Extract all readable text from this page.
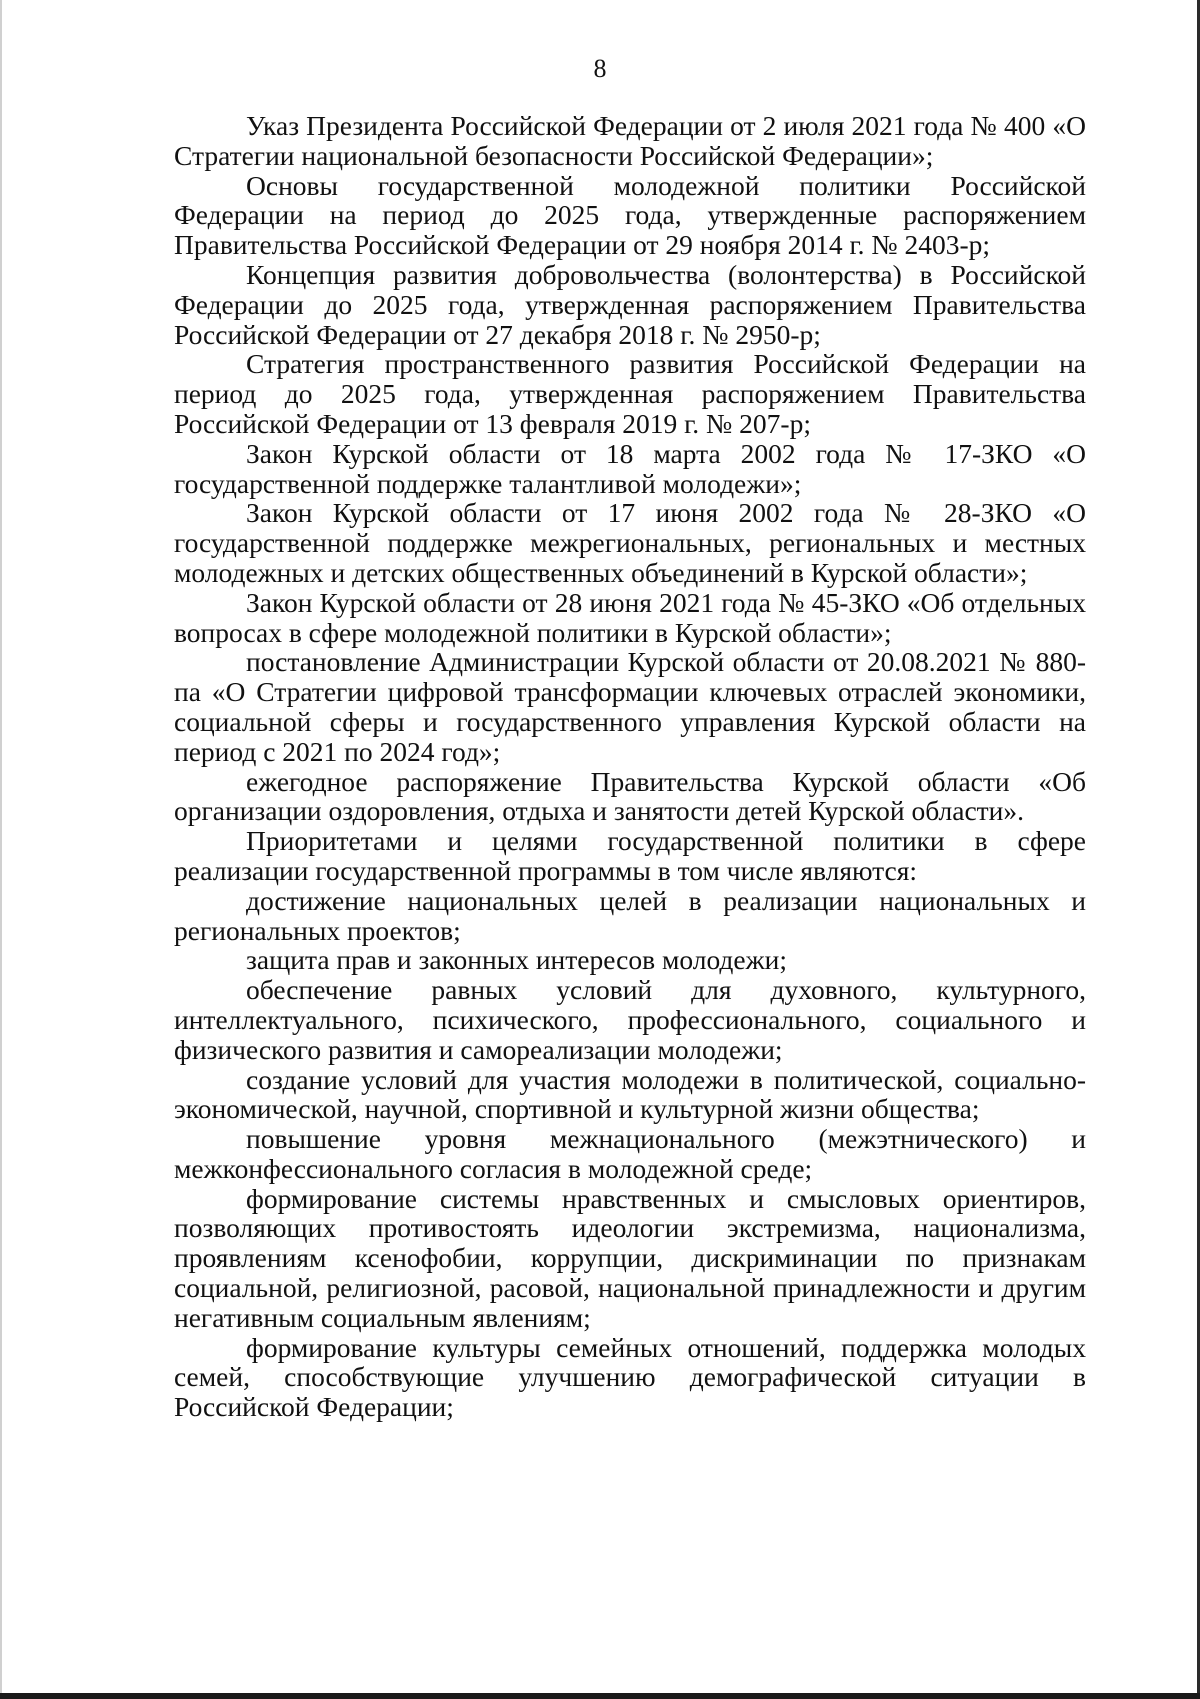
8

Указ Президента Российской Федерации от 2 июля 2021 года № 400 «О Стратегии национальной безопасности Российской Федерации»;

Основы государственной молодежной политики Российской Федерации на период до 2025 года, утвержденные распоряжением Правительства Российской Федерации от 29 ноября 2014 г. № 2403-р;

Концепция развития добровольчества (волонтерства) в Российской Федерации до 2025 года, утвержденная распоряжением Правительства Российской Федерации от 27 декабря 2018 г. № 2950-р;

Стратегия пространственного развития Российской Федерации на период до 2025 года, утвержденная распоряжением Правительства Российской Федерации от 13 февраля 2019 г. № 207-р;

Закон Курской области от 18 марта 2002 года № 17-ЗКО «О государственной поддержке талантливой молодежи»;

Закон Курской области от 17 июня 2002 года № 28-ЗКО «О государственной поддержке межрегиональных, региональных и местных молодежных и детских общественных объединений в Курской области»;

Закон Курской области от 28 июня 2021 года № 45-ЗКО «Об отдельных вопросах в сфере молодежной политики в Курской области»;

постановление Администрации Курской области от 20.08.2021 № 880-па «О Стратегии цифровой трансформации ключевых отраслей экономики, социальной сферы и государственного управления Курской области на период с 2021 по 2024 год»;

ежегодное распоряжение Правительства Курской области «Об организации оздоровления, отдыха и занятости детей Курской области».

Приоритетами и целями государственной политики в сфере реализации государственной программы в том числе являются:

достижение национальных целей в реализации национальных и региональных проектов;

защита прав и законных интересов молодежи;

обеспечение равных условий для духовного, культурного, интеллектуального, психического, профессионального, социального и физического развития и самореализации молодежи;

создание условий для участия молодежи в политической, социально-экономической, научной, спортивной и культурной жизни общества;

повышение уровня межнационального (межэтнического) и межконфессионального согласия в молодежной среде;

формирование системы нравственных и смысловых ориентиров, позволяющих противостоять идеологии экстремизма, национализма, проявлениям ксенофобии, коррупции, дискриминации по признакам социальной, религиозной, расовой, национальной принадлежности и другим негативным социальным явлениям;

формирование культуры семейных отношений, поддержка молодых семей, способствующие улучшению демографической ситуации в Российской Федерации;
